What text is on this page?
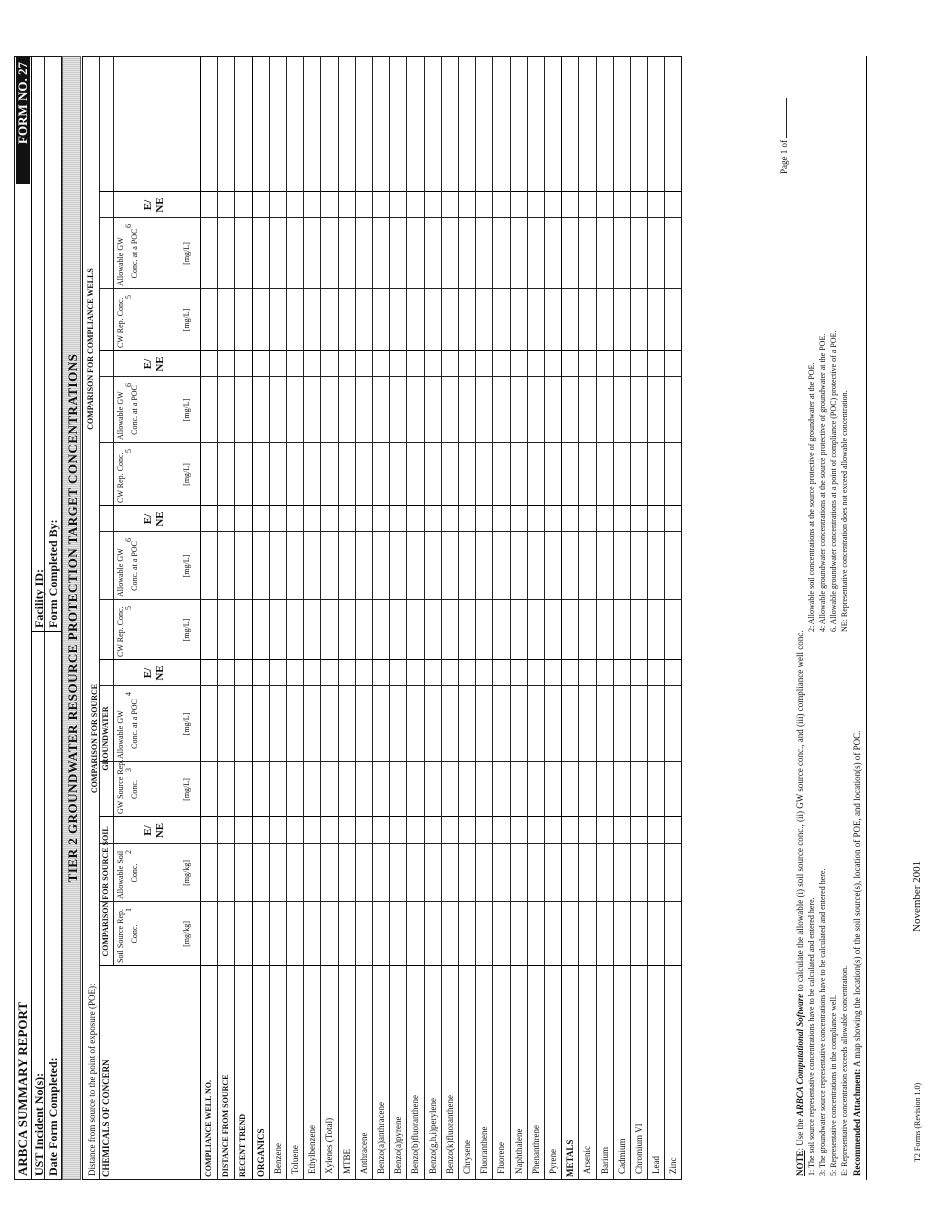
ARBCA SUMMARY REPORT
FORM NO. 27
UST Incident No(s):
Facility ID:
Date Form Completed:
Form Completed By: TIER 2 GROUNDWATER RESOURCE PROTECTION TARGET CONCENTRATIONS
NOTE: Use the ARBCA Computational Software to calculate the allowable (i) soil source conc., (ii) GW source conc., and (iii) compliance well conc.
1: The soil source representative concentrations have to be calculated and entered here.
2: Allowable soil concentrations at the source protective of groundwater at the POE.
3: The groundwater source representative concentrations have to be calculated and entered here.
4: Allowable groundwater concentrations at the source protective of groundwater at the POE.
5: Representative concentrations in the compliance well.
6. Allowable groundwater concentrations at a point of compliance (POC) protective of a POE.
E: Representative concentration exceeds allowable concentration.
NE: Representative concentration does not exceed allowable concentration.
Recommended Attachment: A map showing the location(s) of the soil source(s), location of POE, and location(s) of POC.
Page 1 of
November 2001
T2 Forms (Revision 1.0)
COMPLIANCE WELL NO. DISTANCE FROM SOURCE RECENT TREND ORGANICS Benzene Toluene Ethylbenzene Xylenes (Total) MTBE Anthracene Benzo(a)anthracene Benzo(a)pyrene Benzo(b)fluoranthene Benzo(g,h,i)perylene Benzo(k)fluoranthene Chrysene Fluoranthene Fluorene Naphthalene Phenanthrene Pyrene METALS Arsenic Barium Cadmium Chromium VI Lead Zinc
Distance from source to the point of exposure (POE): CHEMICALS OF CONCERN
COMPARISON FOR SOURCE SOIL
COMPARISON FOR SOURCE GROUNDWATER
COMPARISON FOR COMPLIANCE WELLS
Soil Source Rep. Conc.
1
[mg/kg]
Allowable Soil Conc.
2
[mg/kg]
E/ NE
GW Source Rep. Conc.
3
[mg/L]
Allowable GW Conc. at a POC
4
[mg/L]
E/ NE
CW Rep. Conc. 5
[mg/L]
Allowable GW Conc. at a POC
6
[mg/L]
E/ NE
CW Rep. Conc.
5
[mg/L]
Allowable GW Conc. at a POC
6
[mg/L]
E/ NE
CW Rep. Conc.
5
[mg/L]
Allowable GW Conc. at a POC
6
[mg/L]
E/ NE
